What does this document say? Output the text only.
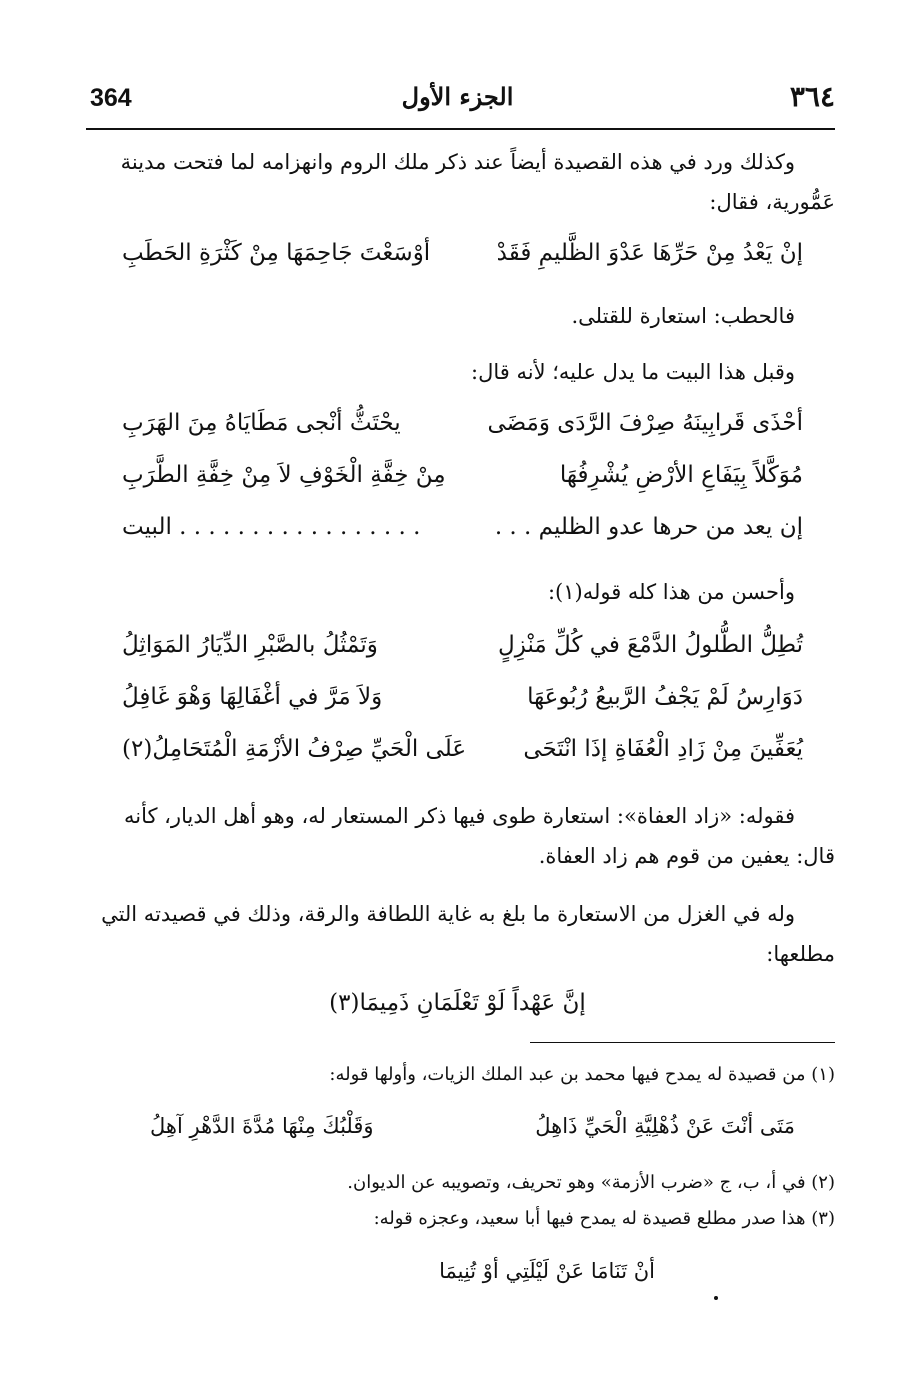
364	الجزء الأول	٣٦٤
وكذلك ورد في هذه القصيدة أيضاً عند ذكر ملك الروم وانهزامه لما فتحت مدينة عَمُّورية، فقال:
إنْ يَعْدُ مِنْ حَرِّهَا عَدْوَ الظَّليمِ فَقَدْ
أوْسَعْتَ جَاحِمَهَا مِنْ كَثْرَةِ الحَطَبِ
فالحطب: استعارة للقتلى.
وقبل هذا البيت ما يدل عليه؛ لأنه قال:
أحْذَى قَرابِينَهُ صِرْفَ الرَّدَى وَمَضَى
يحْتَثُّ أنْجى مَطَايَاهُ مِنَ الهَرَبِ
مُوَكَّلاً بِيَفَاعِ الأرْضِ يُشْرِفُهَا
مِنْ خِفَّةِ الْخَوْفِ لاَ مِنْ خِفَّةِ الطَّرَبِ
إن يعد من حرها عدو الظليم . . .
. . . . . . . . . . . . . . . . . البيت
وأحسن من هذا كله قوله(١):
تُطِلُّ الطُّلولُ الدَّمْعَ في كُلِّ مَنْزِلٍ
وَتَمْثُلُ بالصَّبْرِ الدِّيَارُ المَوَاثِلُ
دَوَارِسُ لَمْ يَجْفُ الرَّبيعُ رُبُوعَهَا
وَلاَ مَرَّ في أغْفَالِهَا وَهْوَ غَافِلُ
يُعَفِّينَ مِنْ زَادِ الْعُفَاةِ إذَا انْتَحَى
عَلَى الْحَيِّ صِرْفُ الأزْمَةِ الْمُتَحَامِلُ(٢)
فقوله: «زاد العفاة»: استعارة طوى فيها ذكر المستعار له، وهو أهل الديار، كأنه قال: يعفين من قوم هم زاد العفاة.
وله في الغزل من الاستعارة ما بلغ به غاية اللطافة والرقة، وذلك في قصيدته التي مطلعها:
إنَّ عَهْداً لَوْ تَعْلَمَانِ ذَمِيمَا(٣)
(١) من قصيدة له يمدح فيها محمد بن عبد الملك الزيات، وأولها قوله:
مَتَى أنْتَ عَنْ ذُهْلِيَّةِ الْحَيِّ ذَاهِلُ
وَقَلْبُكَ مِنْهَا مُدَّةَ الدَّهْرِ آهِلُ
(٢) في أ، ب، ج «ضرب الأزمة» وهو تحريف، وتصويبه عن الديوان.
(٣) هذا صدر مطلع قصيدة له يمدح فيها أبا سعيد، وعجزه قوله:
أنْ تَنَامَا عَنْ لَيْلَتِي أوْ تُنِيمَا
